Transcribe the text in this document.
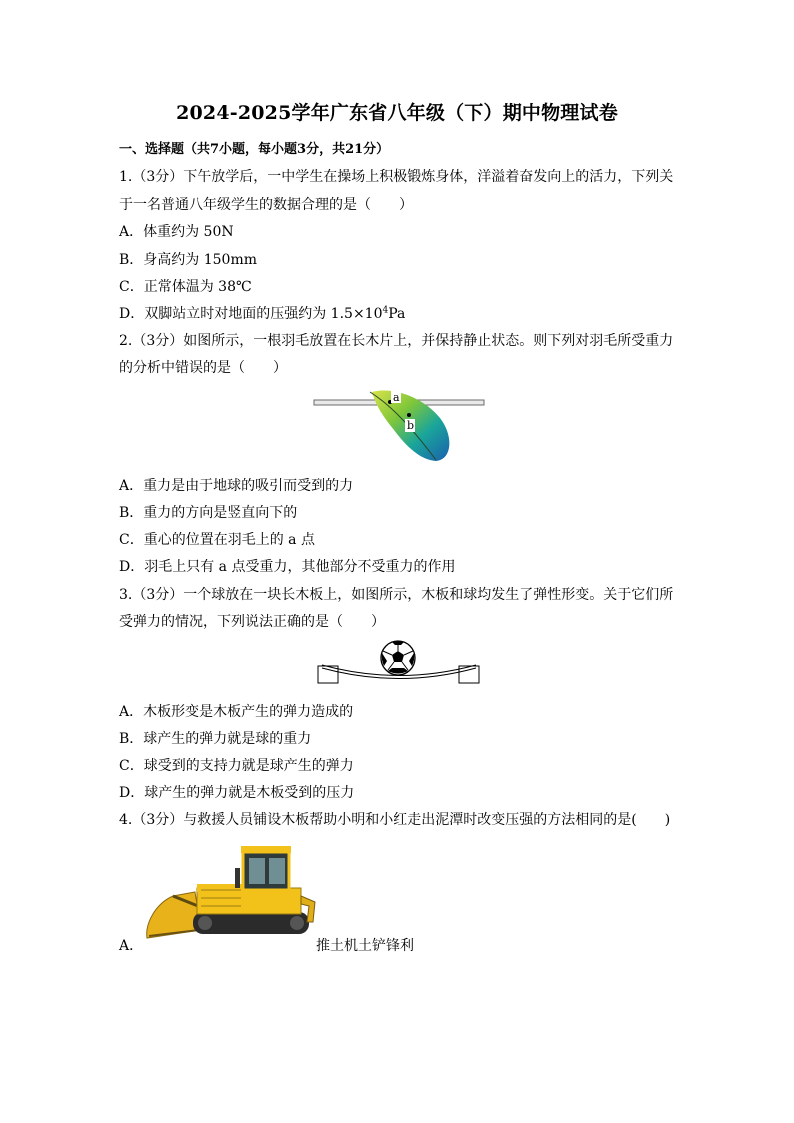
2024-2025学年广东省八年级（下）期中物理试卷
一、选择题（共7小题，每小题3分，共21分）
1.（3分）下午放学后，一中学生在操场上积极锻炼身体，洋溢着奋发向上的活力，下列关
于一名普通八年级学生的数据合理的是（　　）
A．体重约为 50N
B．身高约为 150mm
C．正常体温为 38℃
D．双脚站立时对地面的压强约为 $1.5\times 10^4Pa$
2.（3分）如图所示，一根羽毛放置在长木片上，并保持静止状态。则下列对羽毛所受重力
的分析中错误的是（　　）
a
b
A．重力是由于地球的吸引而受到的力
B．重力的方向是竖直向下的
C．重心的位置在羽毛上的 a 点
D．羽毛上只有 a 点受重力，其他部分不受重力的作用
3.（3分）一个球放在一块长木板上，如图所示，木板和球均发生了弹性形变。关于它们所
受弹力的情况，下列说法正确的是（　　）
A．木板形变是木板产生的弹力造成的
B．球产生的弹力就是球的重力
C．球受到的支持力就是球产生的弹力
D．球产生的弹力就是木板受到的压力
4.（3分）与救援人员铺设木板帮助小明和小红走出泥潭时改变压强的方法相同的是(　　)
A．	推土机土铲锋利
